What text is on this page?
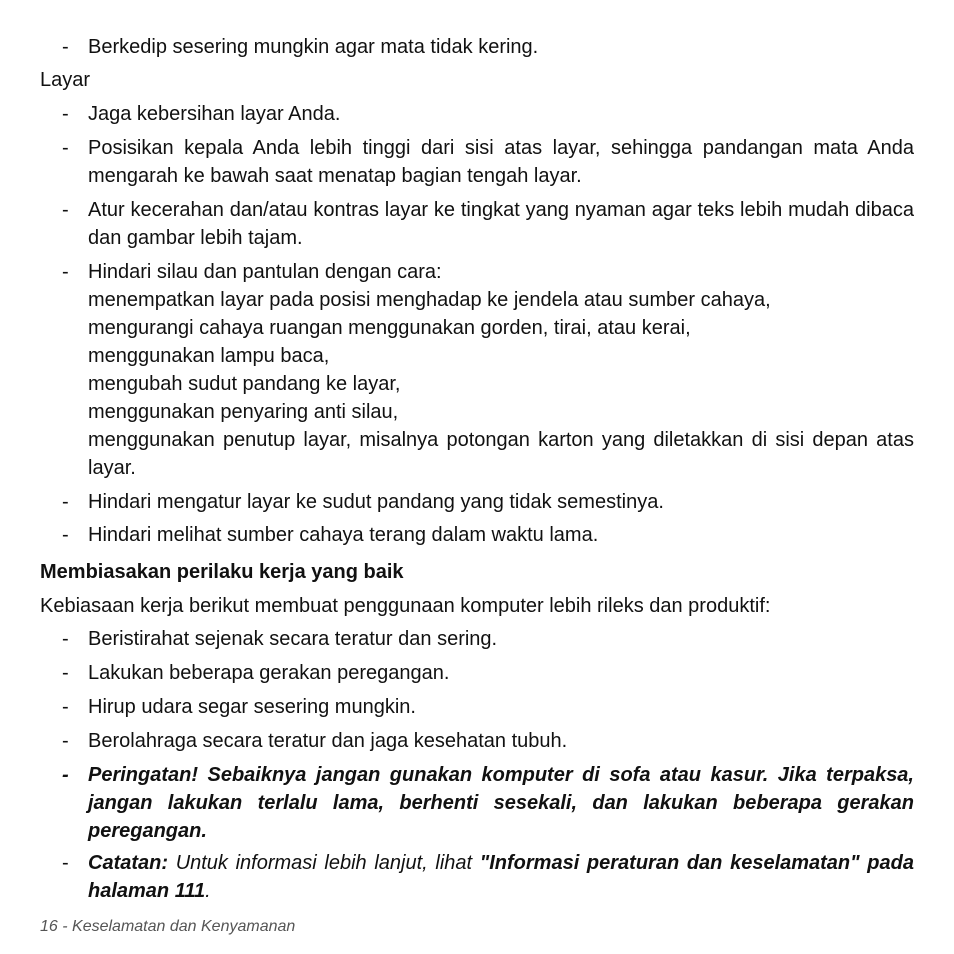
- Berkedip sesering mungkin agar mata tidak kering.
Layar
- Jaga kebersihan layar Anda.
- Posisikan kepala Anda lebih tinggi dari sisi atas layar, sehingga pandangan mata Anda mengarah ke bawah saat menatap bagian tengah layar.
- Atur kecerahan dan/atau kontras layar ke tingkat yang nyaman agar teks lebih mudah dibaca dan gambar lebih tajam.
- Hindari silau dan pantulan dengan cara:
menempatkan layar pada posisi menghadap ke jendela atau sumber cahaya,
mengurangi cahaya ruangan menggunakan gorden, tirai, atau kerai,
menggunakan lampu baca,
mengubah sudut pandang ke layar,
menggunakan penyaring anti silau,
menggunakan penutup layar, misalnya potongan karton yang diletakkan di sisi depan atas layar.
- Hindari mengatur layar ke sudut pandang yang tidak semestinya.
- Hindari melihat sumber cahaya terang dalam waktu lama.
Membiasakan perilaku kerja yang baik
Kebiasaan kerja berikut membuat penggunaan komputer lebih rileks dan produktif:
- Beristirahat sejenak secara teratur dan sering.
- Lakukan beberapa gerakan peregangan.
- Hirup udara segar sesering mungkin.
- Berolahraga secara teratur dan jaga kesehatan tubuh.
- Peringatan! Sebaiknya jangan gunakan komputer di sofa atau kasur. Jika terpaksa, jangan lakukan terlalu lama, berhenti sesekali, dan lakukan beberapa gerakan peregangan.
- Catatan: Untuk informasi lebih lanjut, lihat "Informasi peraturan dan keselamatan" pada halaman 111.
16 - Keselamatan dan Kenyamanan
